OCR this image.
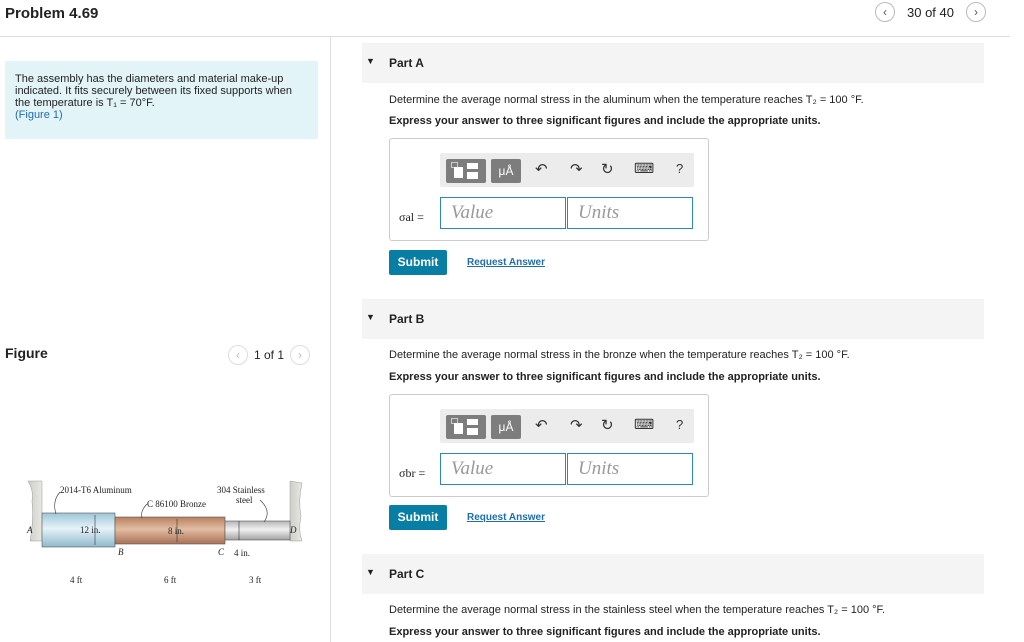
Problem 4.69	‹ 30 of 40 ›
The assembly has the diameters and material make-up indicated. It fits securely between its fixed supports when the temperature is T₁ = 70°F.
(Figure 1)
Figure	‹ 1 of 1 ›
2014-T6 Aluminum
C 86100 Bronze
304 Stainless
steel
12 in.	8 in.
4 in.
A
B	C
D
4 ft	6 ft	3 ft
▼ Part A
Determine the average normal stress in the aluminum when the temperature reaches T₂ = 100 °F.
Express your answer to three significant figures and include the appropriate units.
μÅ	↶ ↷ ↻ ⌨ ?
σal =	Value	Units
Submit	Request Answer
▼ Part B
Determine the average normal stress in the bronze when the temperature reaches T₂ = 100 °F.
Express your answer to three significant figures and include the appropriate units.
μÅ	↶ ↷ ↻ ⌨ ?
σbr =	Value	Units
Submit	Request Answer
▼ Part C
Determine the average normal stress in the stainless steel when the temperature reaches T₂ = 100 °F.
Express your answer to three significant figures and include the appropriate units.
